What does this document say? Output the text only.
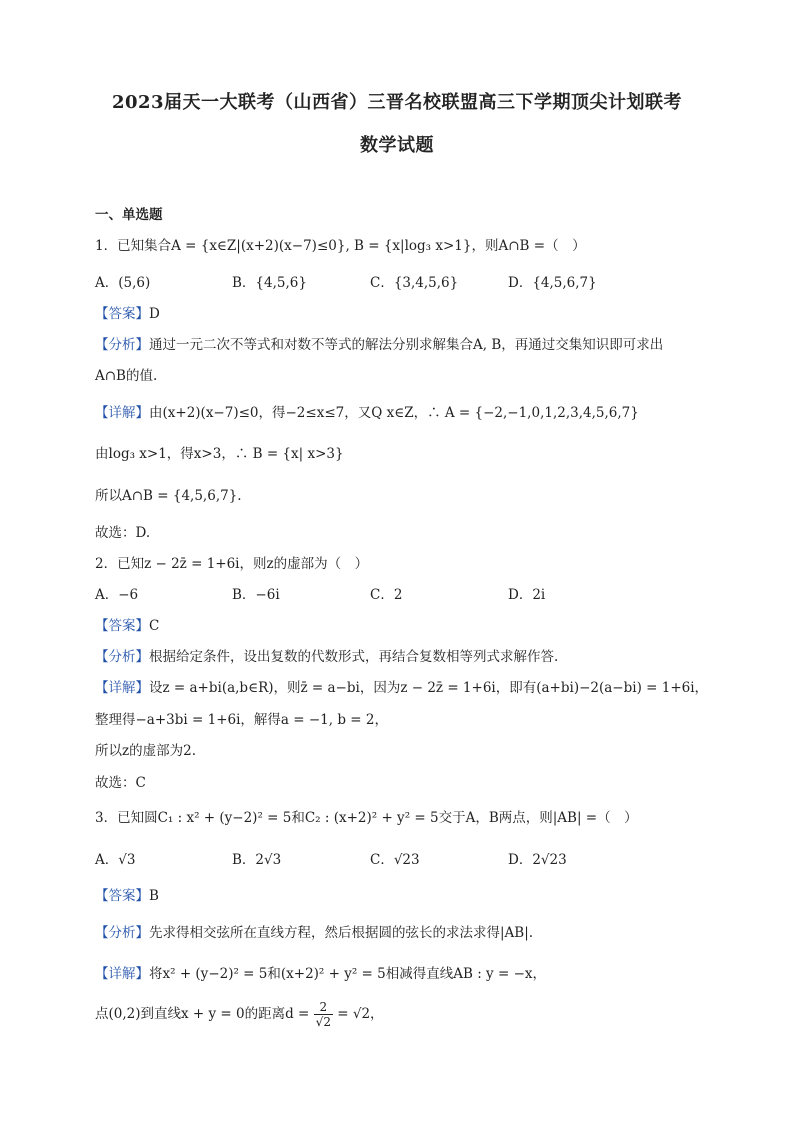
2023届天一大联考（山西省）三晋名校联盟高三下学期顶尖计划联考
数学试题
一、单选题
1．已知集合A = {x∈Z|(x+2)(x−7)≤0}, B = {x|log₃ x>1}，则A∩B =（　）
A．(5,6)	B．{4,5,6}	C．{3,4,5,6}	D．{4,5,6,7}
【答案】D
【分析】通过一元二次不等式和对数不等式的解法分别求解集合A, B，再通过交集知识即可求出
A∩B的值.
【详解】由(x+2)(x−7)≤0，得−2≤x≤7，又Q x∈Z，∴ A = {−2,−1,0,1,2,3,4,5,6,7}
由log₃ x>1，得x>3，∴ B = {x| x>3}
所以A∩B = {4,5,6,7}.
故选：D.
2．已知z − 2z̄ = 1+6i，则z的虚部为（　）
A．−6	B．−6i	C．2	D．2i
【答案】C
【分析】根据给定条件，设出复数的代数形式，再结合复数相等列式求解作答.
【详解】设z = a+bi(a,b∈R)，则z̄ = a−bi，因为z − 2z̄ = 1+6i，即有(a+bi)−2(a−bi) = 1+6i，
整理得−a+3bi = 1+6i，解得a = −1, b = 2，
所以z的虚部为2.
故选：C
3．已知圆C₁ : x² + (y−2)² = 5和C₂ : (x+2)² + y² = 5交于A，B两点，则|AB| =（　）
A．√3	B．2√3	C．√23	D．2√23
【答案】B
【分析】先求得相交弦所在直线方程，然后根据圆的弦长的求法求得|AB|.
【详解】将x² + (y−2)² = 5和(x+2)² + y² = 5相减得直线AB : y = −x，
点(0,2)到直线x + y = 0的距离$d = \frac{2}{√2} = √2$，
